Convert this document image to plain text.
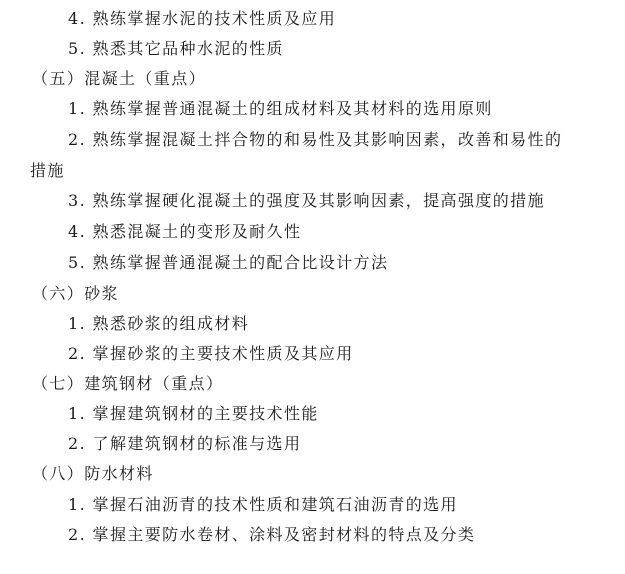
4. 熟练掌握水泥的技术性质及应用
5. 熟悉其它品种水泥的性质
（五）混凝土（重点）
1. 熟练掌握普通混凝土的组成材料及其材料的选用原则
2. 熟练掌握混凝土拌合物的和易性及其影响因素，改善和易性的
措施
3. 熟练掌握硬化混凝土的强度及其影响因素，提高强度的措施
4. 熟悉混凝土的变形及耐久性
5. 熟练掌握普通混凝土的配合比设计方法
（六）砂浆
1. 熟悉砂浆的组成材料
2. 掌握砂浆的主要技术性质及其应用
（七）建筑钢材（重点）
1. 掌握建筑钢材的主要技术性能
2. 了解建筑钢材的标准与选用
（八）防水材料
1. 掌握石油沥青的技术性质和建筑石油沥青的选用
2. 掌握主要防水卷材、涂料及密封材料的特点及分类
